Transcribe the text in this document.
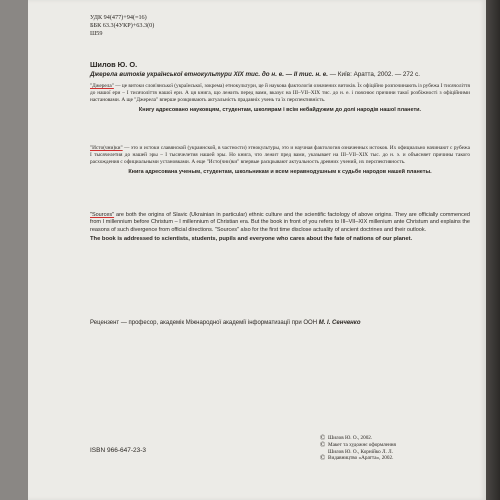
УДК 94(477)+94(=16)
ББК 63.3(4УКР)+63.3(0)
Ш59
Шилов Ю. О.
Джерела витоків української етнокультури ХІХ тис. до н. е. — ІІ тис. н. е. — Київ: Аратта, 2002. — 272 с.

"Джерела" — це витоки слов'янської (української, зокрема) етнокультури, це й наукова фактологія означених витоків. Їх офіційно розпочинають із рубежа І тисячоліття до нашої ери – І тисячоліття нашої ери. А ця книга, що лежить перед вами, вказує на ІІІ–VII–ХІХ тис. до н. е. і пояснює причини такої розбіжності з офіційними настановами. А ще "Джерела" вперше розкривають актуальність прадавніх учень та їх перспективність.

Книгу адресовано науковцям, студентам, школярам і всім небайдужим до долі народів нашої планети.

"Исто(чни)ки" — это и истоки славянской (украинской, в частности) этнокультуры, это и научная фактология означенных истоков. Их официально начинают с рубежа І тысячелетия до нашей эры – І тысячелетия нашей эры. Но книга, что лежит пред вами, указывает на ІІІ–VII–ХІХ тыс. до н. э. и объясняет причины такого расхождения с официальными установками. А еще "Исто(чни)ки" впервые раскрывают актуальность древних учений, их перспективность.

Книга адресована ученым, студентам, школьникам и всем неравнодушным к судьбе народов нашей планеты.

"Sources" are both the origins of Slavic (Ukrainian in particular) ethnic culture and the scientific factology of above origins. They are officially commenced from I millennium before Christum – I millennium of Christian era. But the book in front of you refers to III–VII–XIX millenium ante Christum and explains the reasons of such divergence from official directions. "Sources" also for the first time disclose actuality of ancient doctrines and their outlook.

The book is addressed to scientists, students, pupils and everyone who cares about the fate of nations of our planet.
Рецензент — професор, академік Міжнародної академії інформатизації при ООН М. І. Сенченко
ISBN 966-647-23-3
© Шилов Ю. О., 2002.
© Макет та художнє оформлення
Шилов Ю. О., Корнійко Л. Л.
© Видавництво «Аратта», 2002.
